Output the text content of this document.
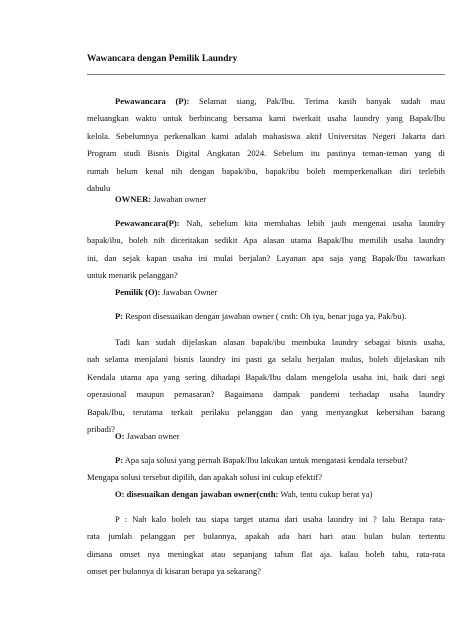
Wawancara dengan Pemilik Laundry
Pewawancara (P): Selamat siang, Pak/Ibu. Terima kasih banyak sudah mau
meluangkan waktu untuk berbincang bersama kami twerkait usaha laundry yang Bapak/Ibu
kelola. Sebelumnya perkenalkan kami adalah mahasiswa aktif Universitas Negeri Jakarta dari
Program studi Bisnis Digital Angkatan 2024. Sebelum itu pastinya teman-teman yang di
rumah belum kenal nih dengan bapak/ibu, bapak/ibu boleh memperkenalkan diri terlebih
dahulu
OWNER: Jawaban owner
Pewawancara(P): Nah, sebelum kita membahas lebih jauh mengenai usaha laundry
bapak/ibu, boleh nih diceritakan sedikit Apa alasan utama Bapak/Ibu memilih usaha laundry
ini, dan sejak kapan usaha ini mulai berjalan? Layanan apa saja yang Bapak/Ibu tawarkan
untuk menarik pelanggan?
Pemilik (O): Jawaban Owner
P: Respon disesuaikan dengan jawaban owner ( cnth: Oh iya, benar juga ya, Pak/bu).
Tadi kan sudah dijelaskan alasan bapak/ibu membuka laundry sebagai bisnis usaha,
nah selama menjalani bisnis laundry ini pasti ga selalu berjalan mulus, boleh dijelaskan nih
Kendala utama apa yang sering dihadapi Bapak/Ibu dalam mengelola usaha ini, baik dari segi
operasional maupun pemasaran? Bagaimana dampak pandemi terhadap usaha laundry
Bapak/Ibu, terutama terkait perilaku pelanggan dan yang menyangkut kebersihan barang
pribadi?
O: Jawaban owner
P: Apa saja solusi yang pernah Bapak/Ibu lakukan untuk mengatasi kendala tersebut?
Mengapa solusi tersebut dipilih, dan apakah solusi ini cukup efektif?
O: disesuaikan dengan jawaban owner(cnth: Wah, tentu cukup berat ya)
P : Nah kalo boleh tau siapa target utama dari usaha laundry ini ? lalu Berapa rata-
rata jumlah pelanggan per bulannya, apakah ada hari hari atau bulan bulan tertentu
dimana omset nya meningkat atau sepanjang tahun flat aja. kalau boleh tahu, rata-rata
omset per bulannya di kisaran berapa ya sekarang?
